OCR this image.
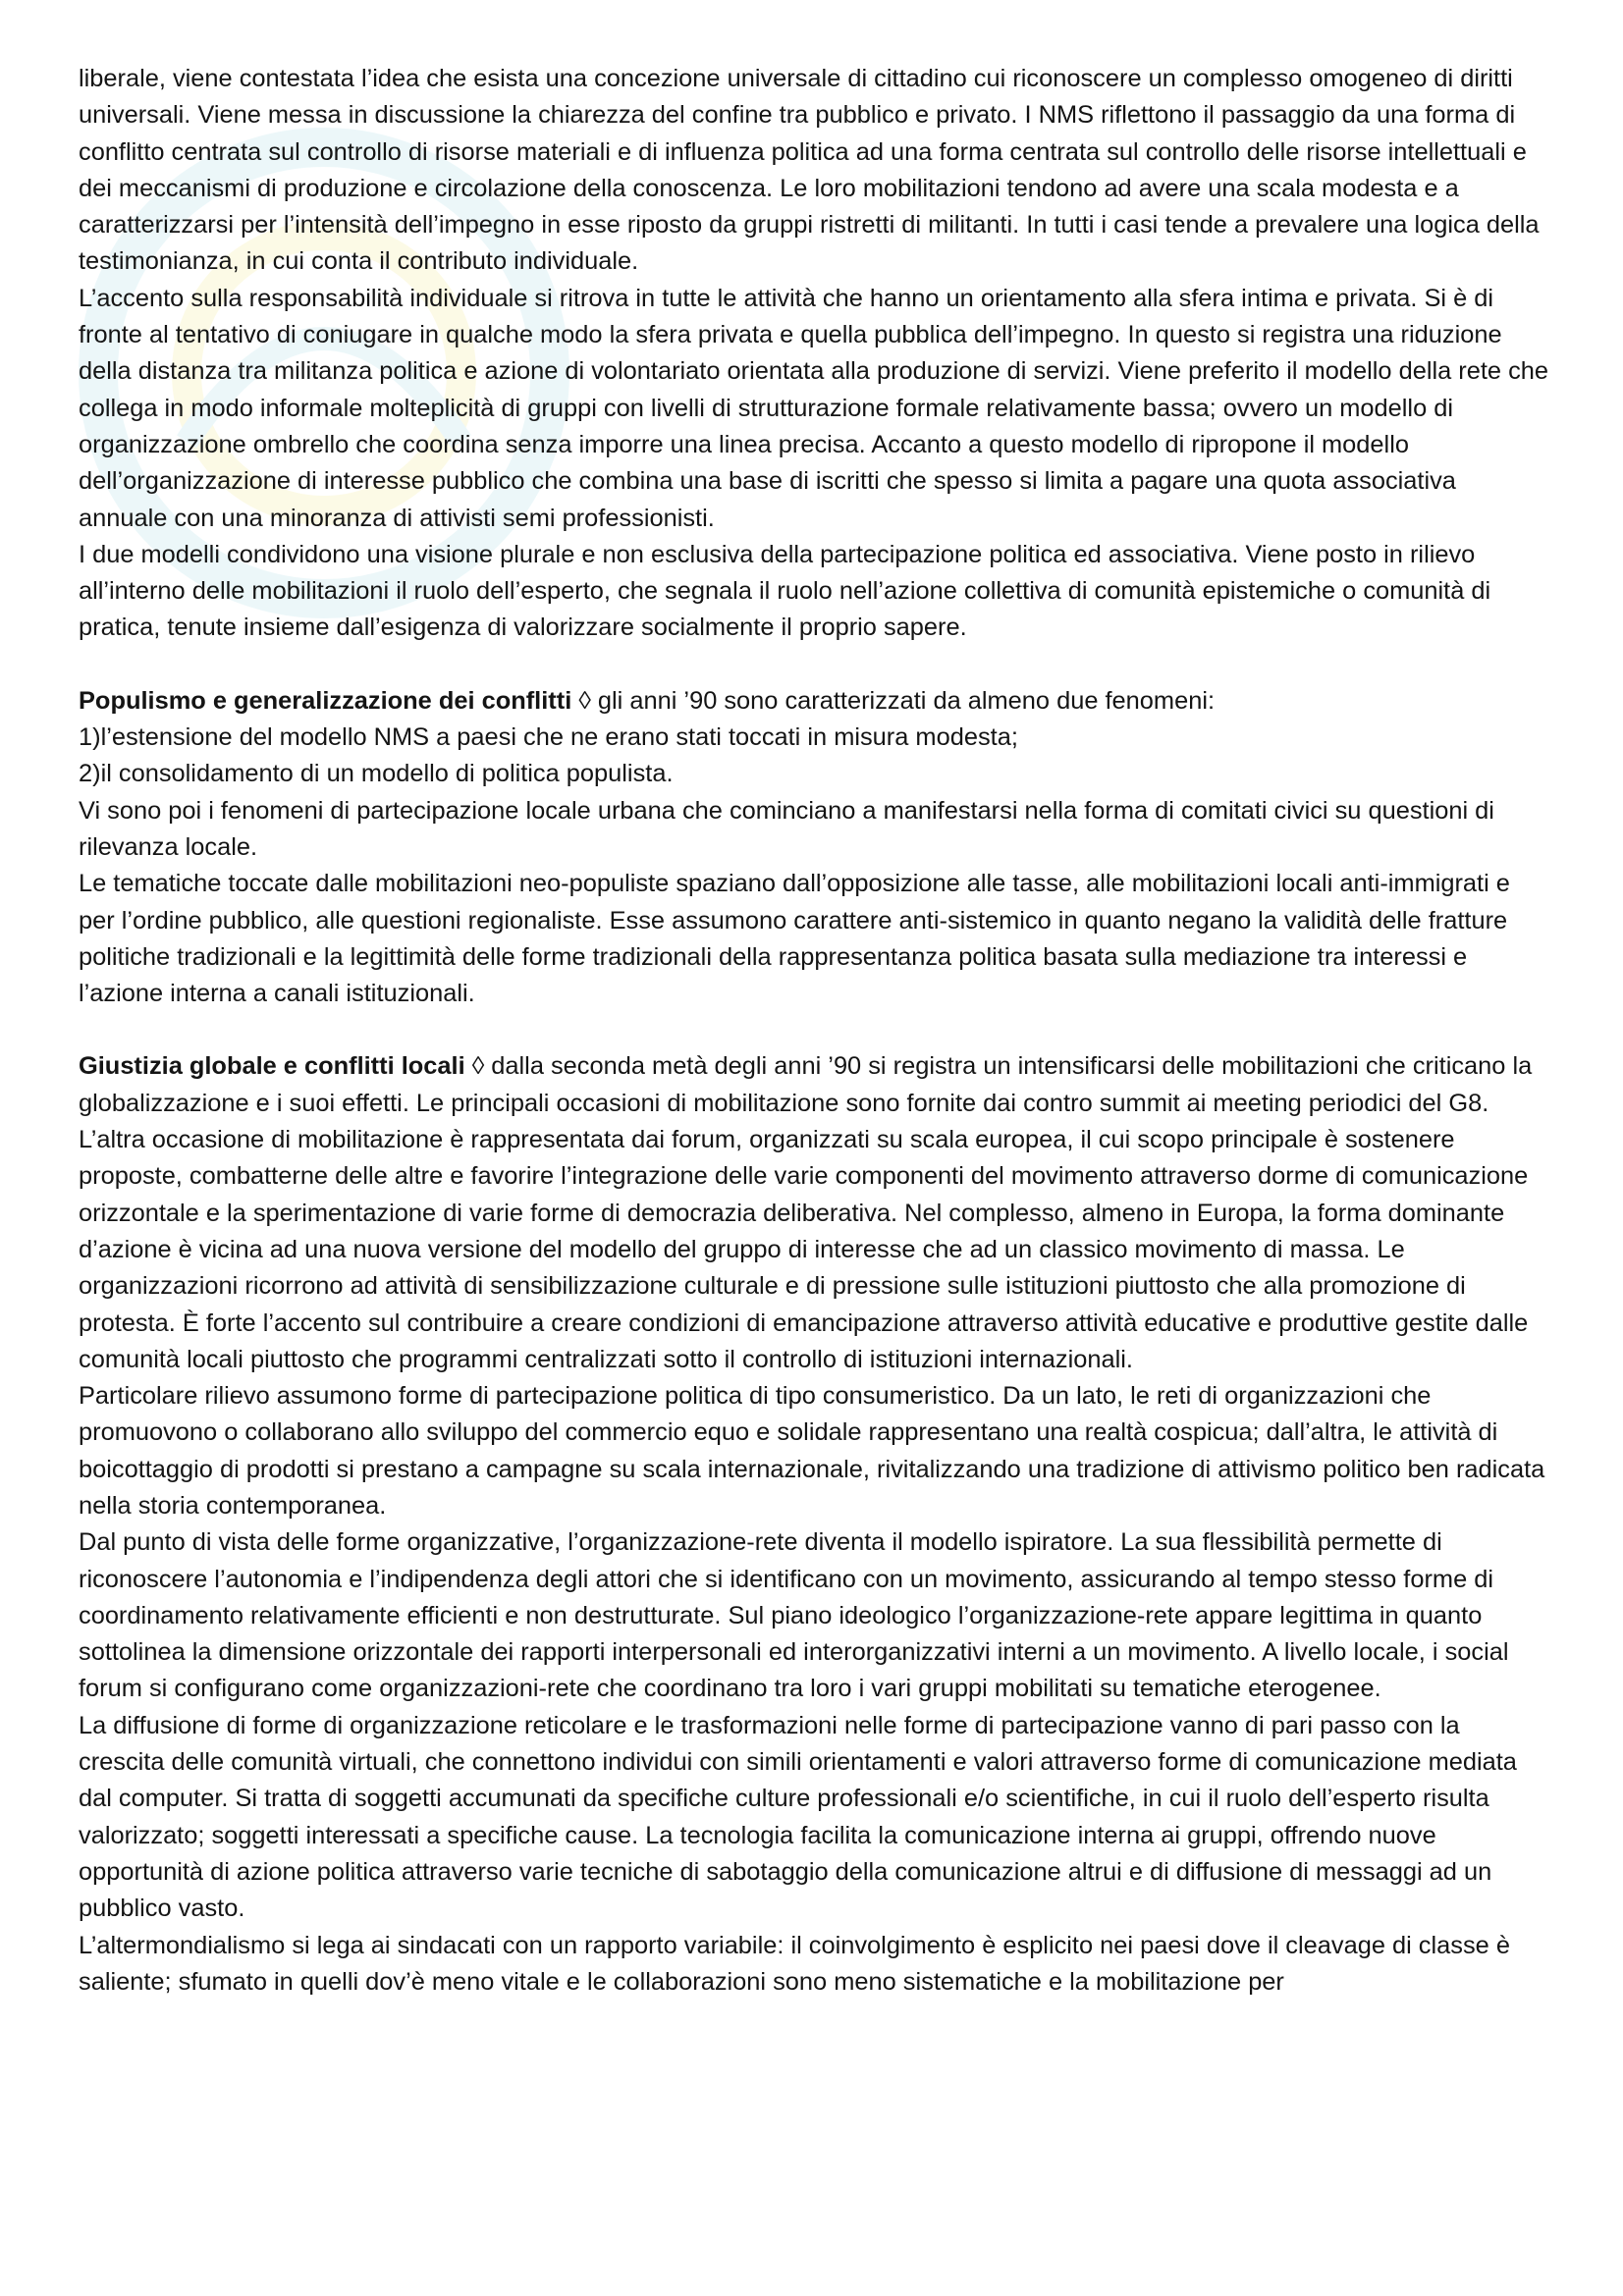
liberale, viene contestata l’idea che esista una concezione universale di cittadino cui riconoscere un complesso omogeneo di diritti universali. Viene messa in discussione la chiarezza del confine tra pubblico e privato. I NMS riflettono il passaggio da una forma di conflitto centrata sul controllo di risorse materiali e di influenza politica ad una forma centrata sul controllo delle risorse intellettuali e dei meccanismi di produzione e circolazione della conoscenza. Le loro mobilitazioni tendono ad avere una scala modesta e a caratterizzarsi per l’intensità dell’impegno in esse riposto da gruppi ristretti di militanti. In tutti i casi tende a prevalere una logica della testimonianza, in cui conta il contributo individuale.

L’accento sulla responsabilità individuale si ritrova in tutte le attività che hanno un orientamento alla sfera intima e privata. Si è di fronte al tentativo di coniugare in qualche modo la sfera privata e quella pubblica dell’impegno. In questo si registra una riduzione della distanza tra militanza politica e azione di volontariato orientata alla produzione di servizi. Viene preferito il modello della rete che collega in modo informale molteplicità di gruppi con livelli di strutturazione formale relativamente bassa; ovvero un modello di organizzazione ombrello che coordina senza imporre una linea precisa. Accanto a questo modello di ripropone il modello dell’organizzazione di interesse pubblico che combina una base di iscritti che spesso si limita a pagare una quota associativa annuale con una minoranza di attivisti semi professionisti.

I due modelli condividono una visione plurale e non esclusiva della partecipazione politica ed associativa. Viene posto in rilievo all’interno delle mobilitazioni il ruolo dell’esperto, che segnala il ruolo nell’azione collettiva di comunità epistemiche o comunità di pratica, tenute insieme dall’esigenza di valorizzare socialmente il proprio sapere.

Populismo e generalizzazione dei conflitti ◊ gli anni ’90 sono caratterizzati da almeno due fenomeni:

1)l’estensione del modello NMS a paesi che ne erano stati toccati in misura modesta;

2)il consolidamento di un modello di politica populista.

Vi sono poi i fenomeni di partecipazione locale urbana che cominciano a manifestarsi nella forma di comitati civici su questioni di rilevanza locale.

Le tematiche toccate dalle mobilitazioni neo-populiste spaziano dall’opposizione alle tasse, alle mobilitazioni locali anti-immigrati e per l’ordine pubblico, alle questioni regionaliste. Esse assumono carattere anti-sistemico in quanto negano la validità delle fratture politiche tradizionali e la legittimità delle forme tradizionali della rappresentanza politica basata sulla mediazione tra interessi e l’azione interna a canali istituzionali.

Giustizia globale e conflitti locali ◊ dalla seconda metà degli anni ’90 si registra un intensificarsi delle mobilitazioni che criticano la globalizzazione e i suoi effetti. Le principali occasioni di mobilitazione sono fornite dai contro summit ai meeting periodici del G8. L’altra occasione di mobilitazione è rappresentata dai forum, organizzati su scala europea, il cui scopo principale è sostenere proposte, combatterne delle altre e favorire l’integrazione delle varie componenti del movimento attraverso dorme di comunicazione orizzontale e la sperimentazione di varie forme di democrazia deliberativa. Nel complesso, almeno in Europa, la forma dominante d’azione è vicina ad una nuova versione del modello del gruppo di interesse che ad un classico movimento di massa. Le organizzazioni ricorrono ad attività di sensibilizzazione culturale e di pressione sulle istituzioni piuttosto che alla promozione di protesta. È forte l’accento sul contribuire a creare condizioni di emancipazione attraverso attività educative e produttive gestite dalle comunità locali piuttosto che programmi centralizzati sotto il controllo di istituzioni internazionali.

Particolare rilievo assumono forme di partecipazione politica di tipo consumeristico. Da un lato, le reti di organizzazioni che promuovono o collaborano allo sviluppo del commercio equo e solidale rappresentano una realtà cospicua; dall’altra, le attività di boicottaggio di prodotti si prestano a campagne su scala internazionale, rivitalizzando una tradizione di attivismo politico ben radicata nella storia contemporanea.

Dal punto di vista delle forme organizzative, l’organizzazione-rete diventa il modello ispiratore. La sua flessibilità permette di riconoscere l’autonomia e l’indipendenza degli attori che si identificano con un movimento, assicurando al tempo stesso forme di coordinamento relativamente efficienti e non destrutturate. Sul piano ideologico l’organizzazione-rete appare legittima in quanto sottolinea la dimensione orizzontale dei rapporti interpersonali ed interorganizzativi interni a un movimento. A livello locale, i social forum si configurano come organizzazioni-rete che coordinano tra loro i vari gruppi mobilitati su tematiche eterogenee.

La diffusione di forme di organizzazione reticolare e le trasformazioni nelle forme di partecipazione vanno di pari passo con la crescita delle comunità virtuali, che connettono individui con simili orientamenti e valori attraverso forme di comunicazione mediata dal computer. Si tratta di soggetti accumunati da specifiche culture professionali e/o scientifiche, in cui il ruolo dell’esperto risulta valorizzato; soggetti interessati a specifiche cause. La tecnologia facilita la comunicazione interna ai gruppi, offrendo nuove opportunità di azione politica attraverso varie tecniche di sabotaggio della comunicazione altrui e di diffusione di messaggi ad un pubblico vasto.

L’altermondialismo si lega ai sindacati con un rapporto variabile: il coinvolgimento è esplicito nei paesi dove il cleavage di classe è saliente; sfumato in quelli dov’è meno vitale e le collaborazioni sono meno sistematiche e la mobilitazione per
